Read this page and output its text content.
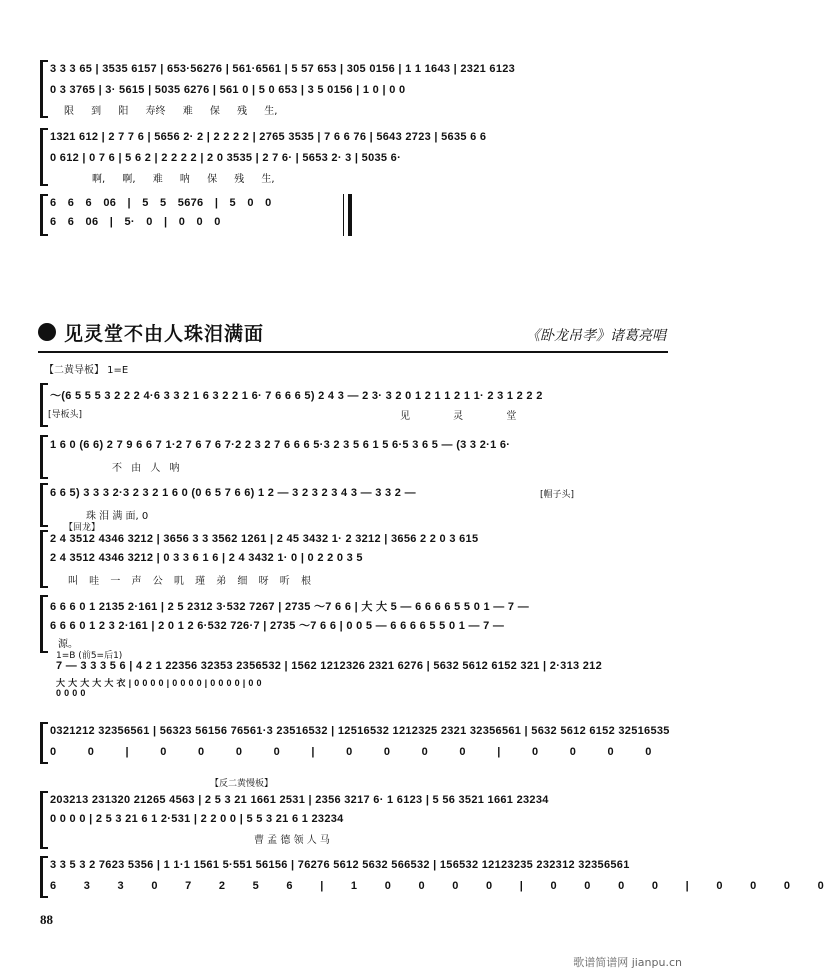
3 3 3 65 | 3535 6157 | 653·56276 | 561·6561 | 5 57 653 | 305 0156 | 1 1 1643 | 2321 6123
0 3 3765 | 3· 5615 | 5035 6276 | 561 0 | 5 0 653 | 3 5 0156 | 1 0 | 0 0
限 到 阳 寿终 难 保 残 生,
1321 612 | 2 7 7 6 | 5656 2· 2 | 2 2 2 2 | 2765 3535 | 7 6 6 76 | 5643 2723 | 5635 6 6
0 612 | 0 7 6 | 5 6 2 | 2 2 2 2 | 2 0 3535 | 2 7 6· | 5653 2· 3 | 5035 6·
啊, 啊, 难 呐 保 残 生,
6 6 6 06 | 5 5 5676 | 5 0 0
6 6 06 | 5· 0 | 0 0 0
见灵堂不由人珠泪满面	《卧龙吊孝》诸葛亮唱
【二黄导板】 1=E
〜(6 5 5 5 3 2 2 2 4·6 3 3 2 1 6 3 2 2 1 6· 7 6 6 6 5) 2 4 3 — 2 3· 3 2 0 1 2 1 1 2 1 1· 2 3 1 2 2 2
[导板头]	见 灵 堂
1 6 0 (6 6) 2 7 9 6 6 7 1·2 7 6 7 6 7·2 2 3 2 7 6 6 6 5·3 2 3 5 6 1 5 6·5 3 6 5 — (3 3 2·1 6·
不 由 人 呐
6 6 5) 3 3 3 2·3 2 3 2 1 6 0 (0 6 5 7 6 6) 1 2 — 3 2 3 2 3 4 3 — 3 3 2 —	[帽子头]
珠 泪 满 面, 0
【回龙】
2 4 3512 4346 3212 | 3656 3 3 3562 1261 | 2 45 3432 1· 2 3212 | 3656 2 2 0 3 615
2 4 3512 4346 3212 | 0 3 3 6 1 6 | 2 4 3432 1· 0 | 0 2 2 0 3 5
叫 哇 一 声 公 叽 瑾 弟 细 呀 听 根
6 6 6 0 1 2135 2·161 | 2 5 2312 3·532 7267 | 2735 〜7 6 6 | 大 大 5 — 6 6 6 6 5 5 0 1 — 7 —
6 6 6 0 1 2 3 2·161 | 2 0 1 2 6·532 726·7 | 2735 〜7 6 6 | 0 0 5 — 6 6 6 6 5 5 0 1 — 7 —
源。
1=B (前5=后1)
7 — 3 3 3 5 6 | 4 2 1 22356 32353 2356532 | 1562 1212326 2321 6276 | 5632 5612 6152 321 | 2·313 212
大 大 大 大 大 衣 | 0 0 0 0 | 0 0 0 0 | 0 0 0 0 | 0 0
0 0 0 0
0321212 32356561 | 56323 56156 76561·3 23516532 | 12516532 1212325 2321 32356561 | 5632 5612 6152 32516535
0 0 | 0 0 0 0 | 0 0 0 0 | 0 0 0 0
【反二黄慢板】
203213 231320 21265 4563 | 2 5 3 21 1661 2531 | 2356 3217 6· 1 6123 | 5 56 3521 1661 23234
0 0 0 0 | 2 5 3 21 6 1 2·531 | 2 2 0 0 | 5 5 3 21 6 1 23234
曹 孟 德 领 人 马
3 3 5 3 2 7623 5356 | 1 1·1 1561 5·551 56156 | 76276 5612 5632 566532 | 156532 12123235 232312 32356561
6 3 3 0 7 2 5 6 | 1 0 0 0 0 | 0 0 0 0 | 0 0 0 0
88
歌谱简谱网 jianpu.cn
